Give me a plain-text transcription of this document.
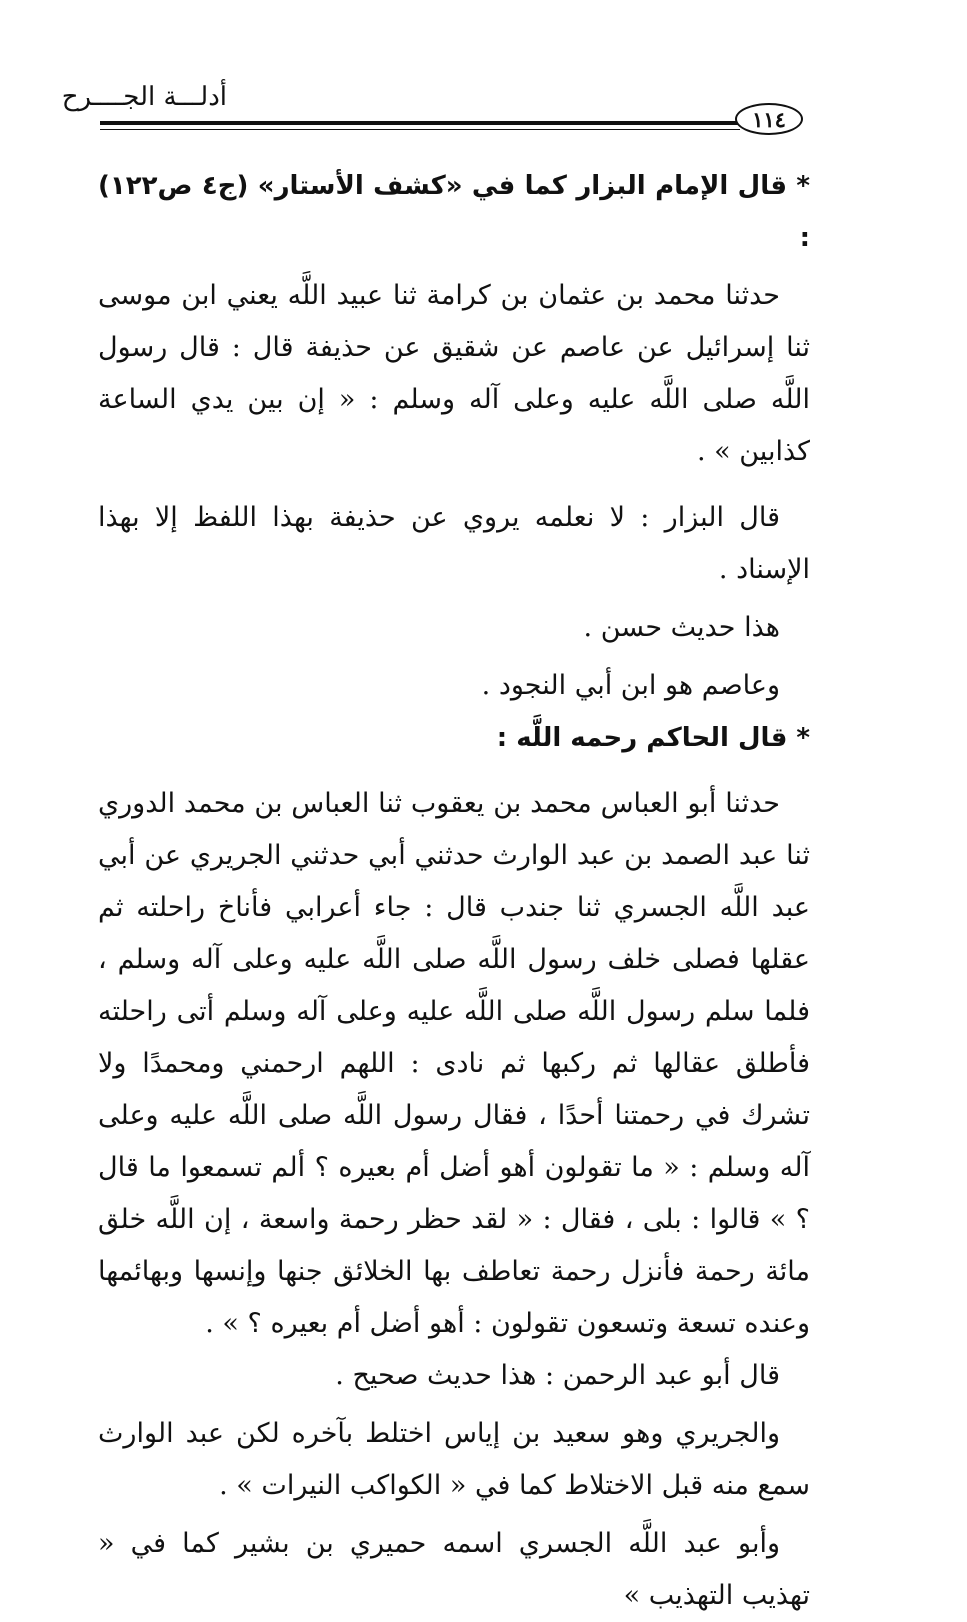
أدلـــة الجــــرح
١١٤

* قال الإمام البزار كما في «كشف الأستار» (ج٤ ص١٢٢) :

حدثنا محمد بن عثمان بن كرامة ثنا عبيد اللَّه يعني ابن موسى ثنا إسرائيل عن عاصم عن شقيق عن حذيفة قال : قال رسول اللَّه صلى اللَّه عليه وعلى آله وسلم : « إن بين يدي الساعة كذابين » .

قال البزار : لا نعلمه يروي عن حذيفة بهذا اللفظ إلا بهذا الإسناد .

هذا حديث حسن .

وعاصم هو ابن أبي النجود .

* قال الحاكم رحمه اللَّه :

حدثنا أبو العباس محمد بن يعقوب ثنا العباس بن محمد الدوري ثنا عبد الصمد بن عبد الوارث حدثني أبي حدثني الجريري عن أبي عبد اللَّه الجسري ثنا جندب قال : جاء أعرابي فأناخ راحلته ثم عقلها فصلى خلف رسول اللَّه صلى اللَّه عليه وعلى آله وسلم ، فلما سلم رسول اللَّه صلى اللَّه عليه وعلى آله وسلم أتى راحلته فأطلق عقالها ثم ركبها ثم نادى : اللهم ارحمني ومحمدًا ولا تشرك في رحمتنا أحدًا ، فقال رسول اللَّه صلى اللَّه عليه وعلى آله وسلم : « ما تقولون أهو أضل أم بعيره ؟ ألم تسمعوا ما قال ؟ » قالوا : بلى ، فقال : « لقد حظر رحمة واسعة ، إن اللَّه خلق مائة رحمة فأنزل رحمة تعاطف بها الخلائق جنها وإنسها وبهائمها وعنده تسعة وتسعون تقولون : أهو أضل أم بعيره ؟ » .

قال أبو عبد الرحمن : هذا حديث صحيح .

والجريري وهو سعيد بن إياس اختلط بآخره لكن عبد الوارث سمع منه قبل الاختلاط كما في « الكواكب النيرات » .

وأبو عبد اللَّه الجسري اسمه حميري بن بشير كما في « تهذيب التهذيب »
